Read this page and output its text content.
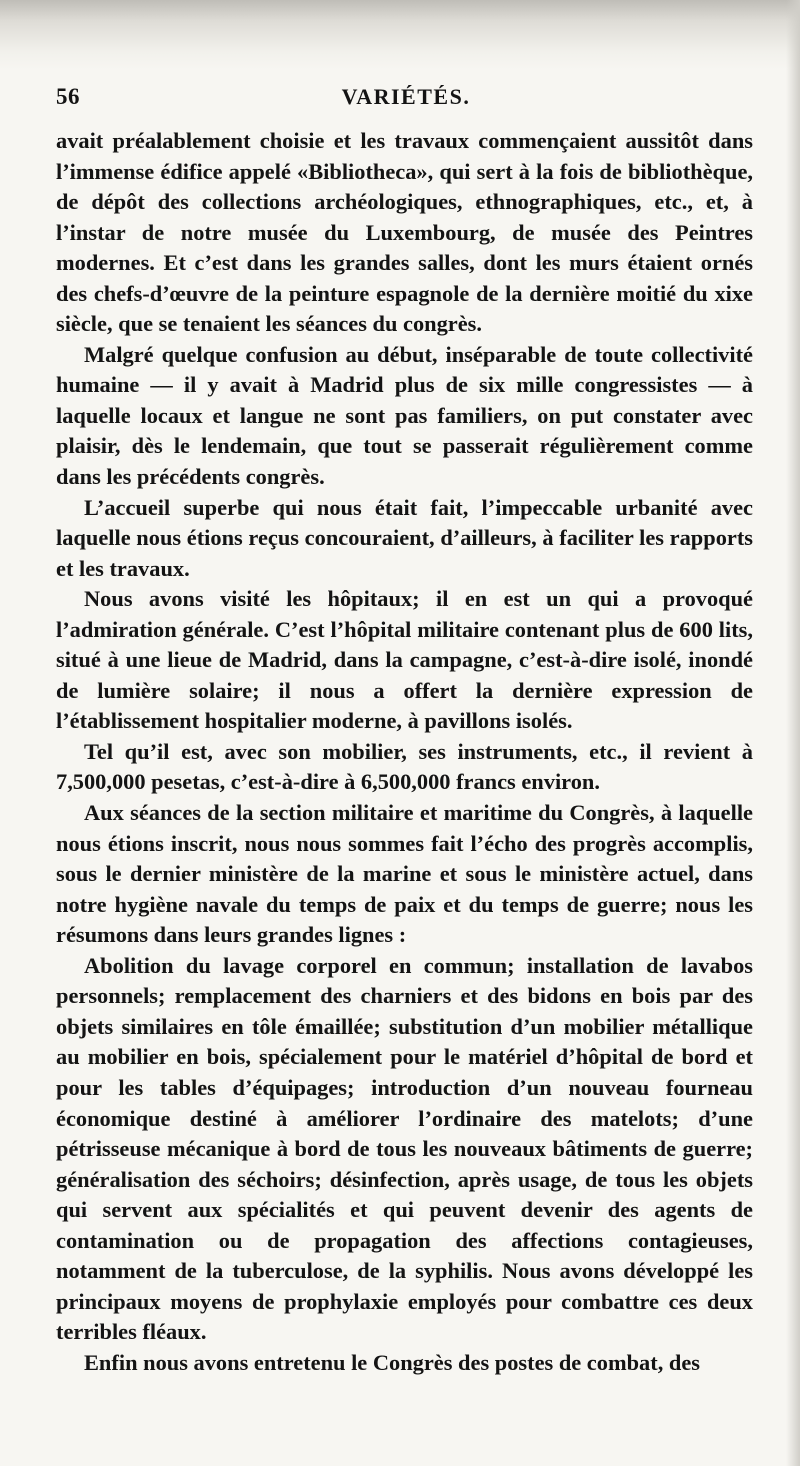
56	VARIÉTÉS.

avait préalablement choisie et les travaux commençaient aussitôt dans l’immense édifice appelé «Bibliotheca», qui sert à la fois de bibliothèque, de dépôt des collections archéologiques, ethnographiques, etc., et, à l’instar de notre musée du Luxembourg, de musée des Peintres modernes. Et c’est dans les grandes salles, dont les murs étaient ornés des chefs-d’œuvre de la peinture espagnole de la dernière moitié du xixe siècle, que se tenaient les séances du congrès.

Malgré quelque confusion au début, inséparable de toute collectivité humaine — il y avait à Madrid plus de six mille congressistes — à laquelle locaux et langue ne sont pas familiers, on put constater avec plaisir, dès le lendemain, que tout se passerait régulièrement comme dans les précédents congrès.

L’accueil superbe qui nous était fait, l’impeccable urbanité avec laquelle nous étions reçus concouraient, d’ailleurs, à faciliter les rapports et les travaux.

Nous avons visité les hôpitaux; il en est un qui a provoqué l’admiration générale. C’est l’hôpital militaire contenant plus de 600 lits, situé à une lieue de Madrid, dans la campagne, c’est-à-dire isolé, inondé de lumière solaire; il nous a offert la dernière expression de l’établissement hospitalier moderne, à pavillons isolés.

Tel qu’il est, avec son mobilier, ses instruments, etc., il revient à 7,500,000 pesetas, c’est-à-dire à 6,500,000 francs environ.

Aux séances de la section militaire et maritime du Congrès, à laquelle nous étions inscrit, nous nous sommes fait l’écho des progrès accomplis, sous le dernier ministère de la marine et sous le ministère actuel, dans notre hygiène navale du temps de paix et du temps de guerre; nous les résumons dans leurs grandes lignes :

Abolition du lavage corporel en commun; installation de lavabos personnels; remplacement des charniers et des bidons en bois par des objets similaires en tôle émaillée; substitution d’un mobilier métallique au mobilier en bois, spécialement pour le matériel d’hôpital de bord et pour les tables d’équipages; introduction d’un nouveau fourneau économique destiné à améliorer l’ordinaire des matelots; d’une pétrisseuse mécanique à bord de tous les nouveaux bâtiments de guerre; généralisation des séchoirs; désinfection, après usage, de tous les objets qui servent aux spécialités et qui peuvent devenir des agents de contamination ou de propagation des affections contagieuses, notamment de la tuberculose, de la syphilis. Nous avons développé les principaux moyens de prophylaxie employés pour combattre ces deux terribles fléaux.

Enfin nous avons entretenu le Congrès des postes de combat, des
